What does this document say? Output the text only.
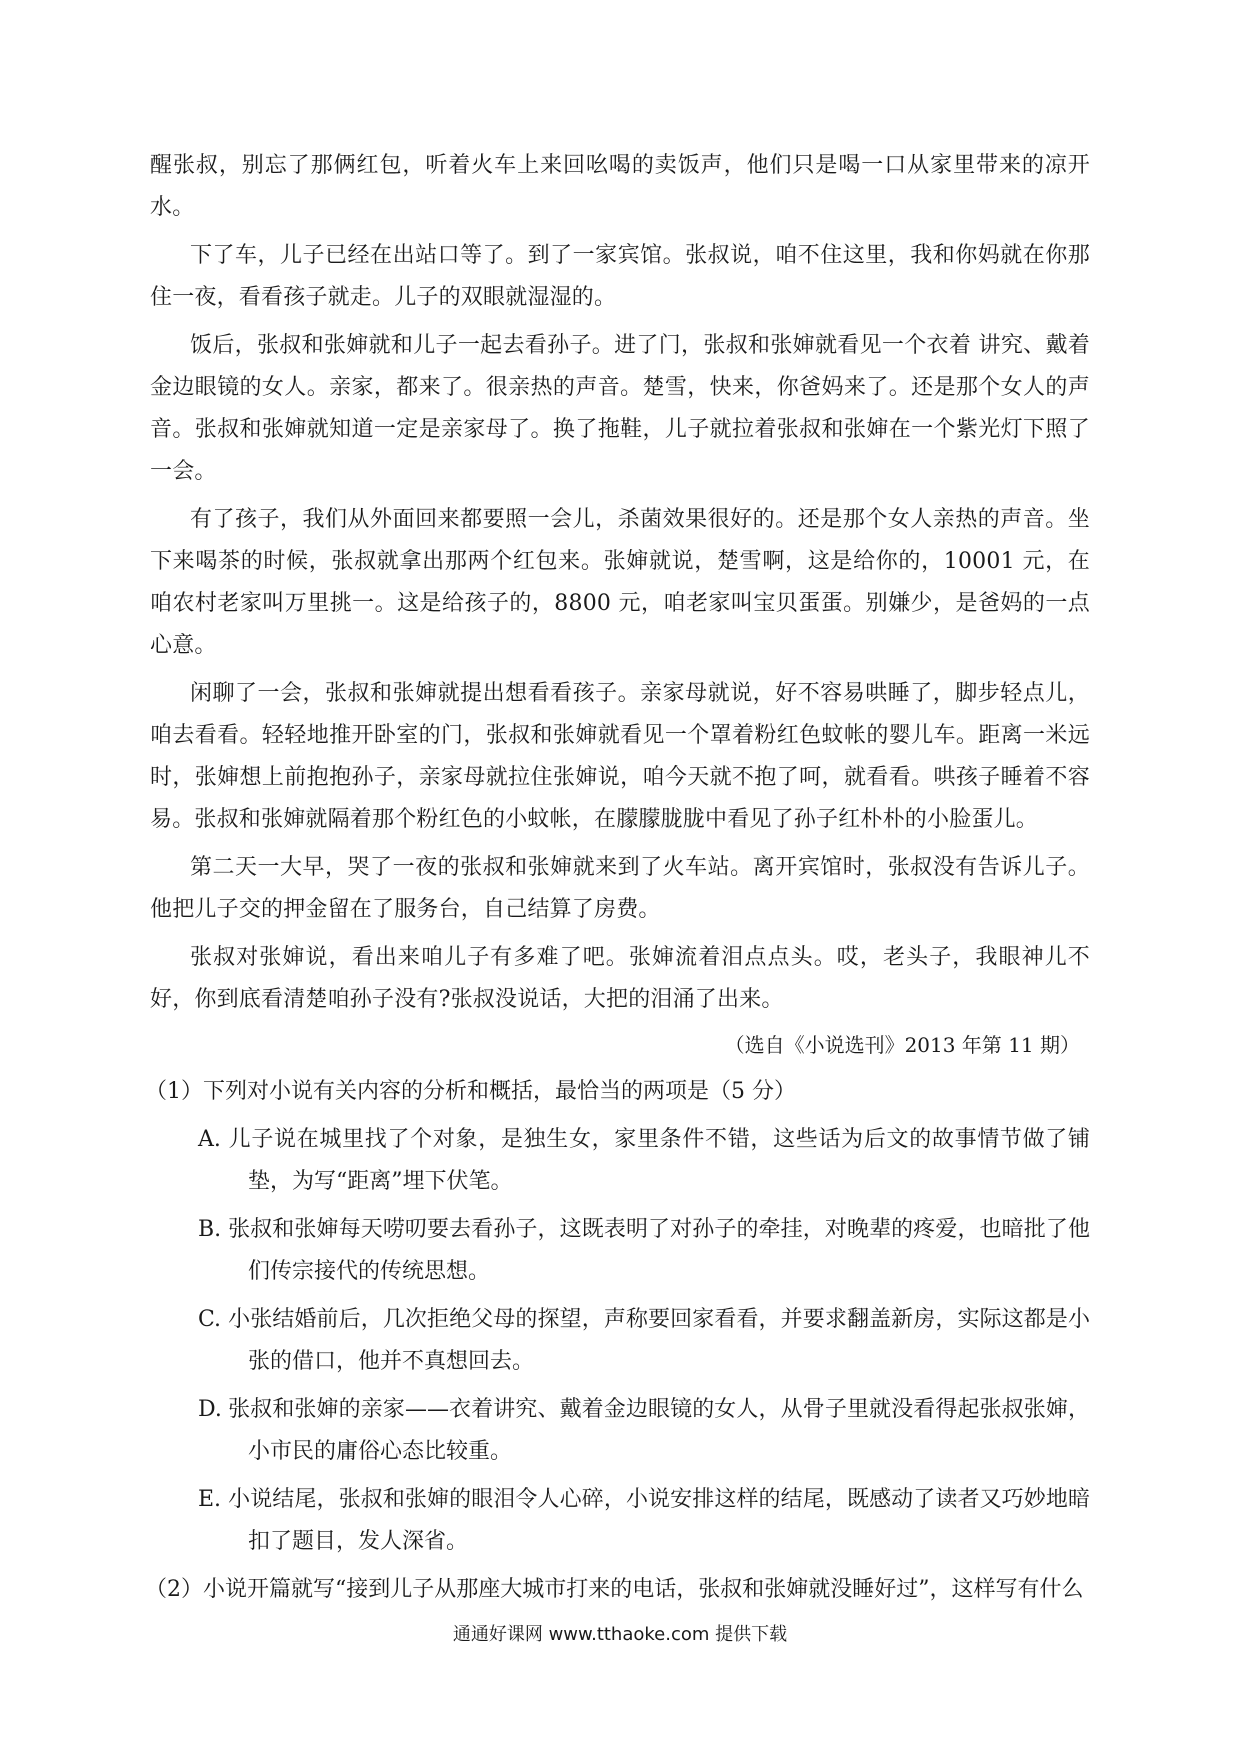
醒张叔，别忘了那俩红包，听着火车上来回吆喝的卖饭声，他们只是喝一口从家里带来的凉开水。

下了车，儿子已经在出站口等了。到了一家宾馆。张叔说，咱不住这里，我和你妈就在你那住一夜，看看孩子就走。儿子的双眼就湿湿的。

饭后，张叔和张婶就和儿子一起去看孙子。进了门，张叔和张婶就看见一个衣着 讲究、戴着金边眼镜的女人。亲家，都来了。很亲热的声音。楚雪，快来，你爸妈来了。还是那个女人的声音。张叔和张婶就知道一定是亲家母了。换了拖鞋，儿子就拉着张叔和张婶在一个紫光灯下照了一会。

有了孩子，我们从外面回来都要照一会儿，杀菌效果很好的。还是那个女人亲热的声音。坐下来喝茶的时候，张叔就拿出那两个红包来。张婶就说，楚雪啊，这是给你的，10001 元，在咱农村老家叫万里挑一。这是给孩子的，8800 元，咱老家叫宝贝蛋蛋。别嫌少，是爸妈的一点心意。

闲聊了一会，张叔和张婶就提出想看看孩子。亲家母就说，好不容易哄睡了，脚步轻点儿，咱去看看。轻轻地推开卧室的门，张叔和张婶就看见一个罩着粉红色蚊帐的婴儿车。距离一米远时，张婶想上前抱抱孙子，亲家母就拉住张婶说，咱今天就不抱了呵，就看看。哄孩子睡着不容易。张叔和张婶就隔着那个粉红色的小蚊帐，在朦朦胧胧中看见了孙子红朴朴的小脸蛋儿。

第二天一大早，哭了一夜的张叔和张婶就来到了火车站。离开宾馆时，张叔没有告诉儿子。他把儿子交的押金留在了服务台，自己结算了房费。

张叔对张婶说，看出来咱儿子有多难了吧。张婶流着泪点点头。哎，老头子，我眼神儿不好，你到底看清楚咱孙子没有?张叔没说话，大把的泪涌了出来。

（选自《小说选刊》2013 年第 11 期）

（1）下列对小说有关内容的分析和概括，最恰当的两项是（5 分）

A. 儿子说在城里找了个对象，是独生女，家里条件不错，这些话为后文的故事情节做了铺垫，为写“距离”埋下伏笔。
B. 张叔和张婶每天唠叨要去看孙子，这既表明了对孙子的牵挂，对晚辈的疼爱，也暗批了他们传宗接代的传统思想。
C. 小张结婚前后，几次拒绝父母的探望，声称要回家看看，并要求翻盖新房，实际这都是小张的借口，他并不真想回去。
D. 张叔和张婶的亲家——衣着讲究、戴着金边眼镜的女人，从骨子里就没看得起张叔张婶，小市民的庸俗心态比较重。
E. 小说结尾，张叔和张婶的眼泪令人心碎，小说安排这样的结尾，既感动了读者又巧妙地暗扣了题目，发人深省。

（2）小说开篇就写“接到儿子从那座大城市打来的电话，张叔和张婶就没睡好过”，这样写有什么

通通好课网 www.tthaoke.com 提供下载
